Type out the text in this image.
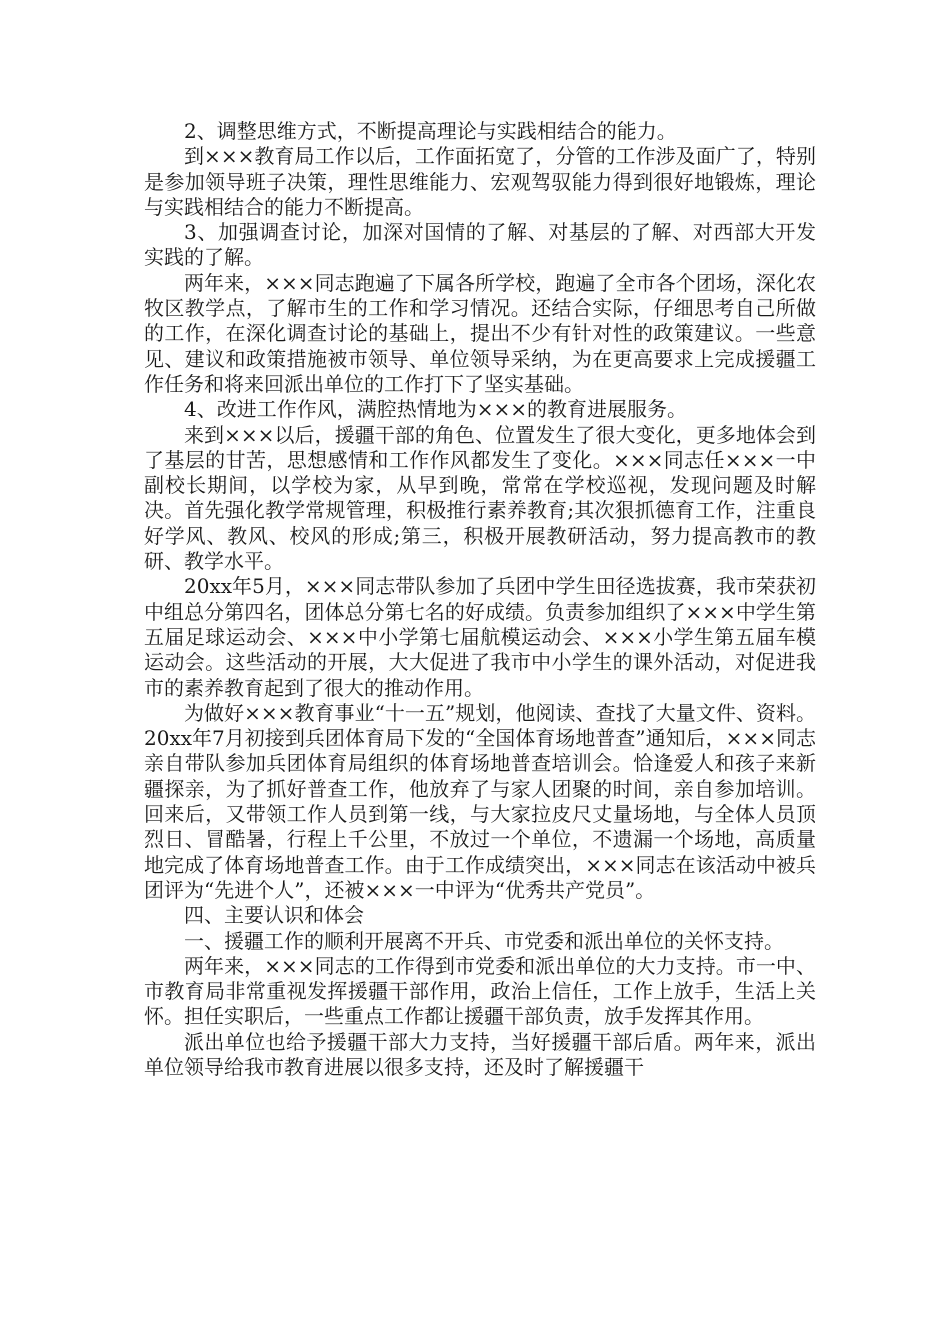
2、调整思维方式，不断提高理论与实践相结合的能力。

到×××教育局工作以后，工作面拓宽了，分管的工作涉及面广了，特别是参加领导班子决策，理性思维能力、宏观驾驭能力得到很好地锻炼，理论与实践相结合的能力不断提高。

3、加强调查讨论，加深对国情的了解、对基层的了解、对西部大开发实践的了解。

两年来，×××同志跑遍了下属各所学校，跑遍了全市各个团场，深化农牧区教学点，了解市生的工作和学习情况。还结合实际，仔细思考自己所做的工作，在深化调查讨论的基础上，提出不少有针对性的政策建议。一些意见、建议和政策措施被市领导、单位领导采纳，为在更高要求上完成援疆工作任务和将来回派出单位的工作打下了坚实基础。

4、改进工作作风，满腔热情地为×××的教育进展服务。

来到×××以后，援疆干部的角色、位置发生了很大变化，更多地体会到了基层的甘苦，思想感情和工作作风都发生了变化。×××同志任×××一中副校长期间，以学校为家，从早到晚，常常在学校巡视，发现问题及时解决。首先强化教学常规管理，积极推行素养教育;其次狠抓德育工作，注重良好学风、教风、校风的形成;第三，积极开展教研活动，努力提高教市的教研、教学水平。

20xx年5月，×××同志带队参加了兵团中学生田径选拔赛，我市荣获初中组总分第四名，团体总分第七名的好成绩。负责参加组织了×××中学生第五届足球运动会、×××中小学第七届航模运动会、×××小学生第五届车模运动会。这些活动的开展，大大促进了我市中小学生的课外活动，对促进我市的素养教育起到了很大的推动作用。

为做好×××教育事业“十一五”规划，他阅读、查找了大量文件、资料。20xx年7月初接到兵团体育局下发的“全国体育场地普查”通知后，×××同志亲自带队参加兵团体育局组织的体育场地普查培训会。恰逢爱人和孩子来新疆探亲，为了抓好普查工作，他放弃了与家人团聚的时间，亲自参加培训。回来后，又带领工作人员到第一线，与大家拉皮尺丈量场地，与全体人员顶烈日、冒酷暑，行程上千公里，不放过一个单位，不遗漏一个场地，高质量地完成了体育场地普查工作。由于工作成绩突出，×××同志在该活动中被兵团评为“先进个人”，还被×××一中评为“优秀共产党员”。

四、主要认识和体会

一、援疆工作的顺利开展离不开兵、市党委和派出单位的关怀支持。

两年来，×××同志的工作得到市党委和派出单位的大力支持。市一中、市教育局非常重视发挥援疆干部作用，政治上信任，工作上放手，生活上关怀。担任实职后，一些重点工作都让援疆干部负责，放手发挥其作用。

派出单位也给予援疆干部大力支持，当好援疆干部后盾。两年来，派出单位领导给我市教育进展以很多支持，还及时了解援疆干
